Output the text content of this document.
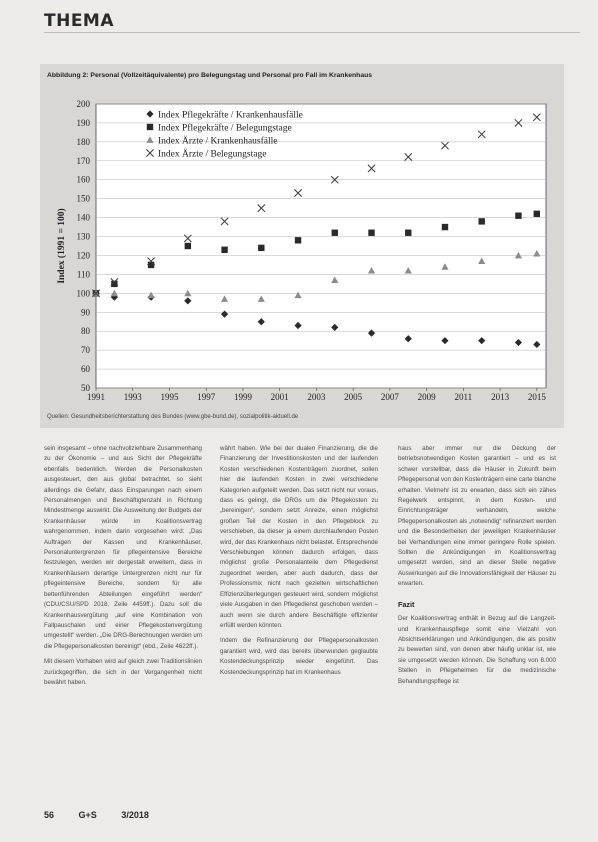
THEMA
Abbildung 2: Personal (Vollzeitäquivalente) pro Belegungstag und Personal pro Fall im Krankenhaus
50
60
70
80
90
100
110
120
130
140
150
160
170
180
190
200
1991 1993 1995 1997 1999 2001 2003 2005 2007 2009 2011 2013 2015
Index (1991 = 100)
Index Pflegekräfte / Krankenhausfälle
Index Pflegekräfte / Belegungstage
Index Ärzte / Krankenhausfälle
Index Ärzte / Belegungstage
Quellen: Gesundheitsberichterstattung des Bundes (www.gbe-bund.de), sozialpolitik-aktuell.de

sein insgesamt – ohne nachvollziehbare Zusammenhang zu der Ökonomie – und aus Sicht der Pflegekräfte ebenfalls bedenklich. Werden die Personalkosten ausgesteuert, den aus global betrachtet, so sieht allerdings die Gefahr, dass Einsparungen nach einem Personalmengen und Beschäftigtenzahl in Richtung Mindestmenge auswirkt. Die Ausweitung der Budgets der Krankenhäuser würde im Koalitionsvertrag wahrgenommen, indem darin vorgesehen wird: „Das Auftragen der Kassen und Krankenhäuser, Personaluntergrenzen für pflegeintensive Bereiche festzulegen, werden wir dergestalt erweitern, dass in Krankenhäusern derartige Untergrenzen nicht nur für pflegeintensive Bereiche, sondern für alle bettenführenden Abteilungen eingeführt werden“ (CDU/CSU/SPD 2018, Zeile 4459ff.). Dazu soll die Krankenhausvergütung „auf eine Kombination von Fallpauschalen und einer Pflegekostenvergütung umgestellt“ werden. „Die DRG-Berechnungen werden um die Pflegepersonalkosten bereinigt“ (ebd., Zeile 4622ff.).

Mit diesem Vorhaben wird auf gleich zwei Traditionslinien zurückgegriffen, die sich in der Vergangenheit nicht bewährt haben.

währt haben. Wie bei der dualen Finanzierung, die die Finanzierung der Investitionskosten und der laufenden Kosten verschiedenen Kostenträgern zuordnet, sollen hier die laufenden Kosten in zwei verschiedene Kategorien aufgeteilt werden. Das setzt nicht nur voraus, dass es gelingt, die DRGs um die Pflegekosten zu „bereinigen“, sondern setzt Anreize, einen möglichst großen Teil der Kosten in den Pflegeblock zu verschieben, da dieser ja einem durchlaufenden Posten wird, der das Krankenhaus nicht belastet. Entsprechende Verschiebungen können dadurch erfolgen, dass möglichst große Personalanteile dem Pflegedienst zugeordnet werden, aber auch dadurch, dass der Professionsmix nicht nach gezielten wirtschaftlichen Effizienzüberlegungen gesteuert wird, sondern möglichst viele Ausgaben in den Pflegedienst geschoben werden – auch wenn sie durch andere Beschäftigte effizienter erfüllt werden könnten.

Indem die Refinanzierung der Pflegepersonalkosten garantiert wird, wird das bereits überwunden geglaubte Kostendeckungsprinzip wieder eingeführt. Das Kostendeckungsprinzip hat im Krankenhaus

haus aber immer nur die Deckung der betriebsnotwendigen Kosten garantiert – und es ist schwer vorstellbar, dass die Häuser in Zukunft beim Pflegepersonal von den Kostenträgern eine carte blanche erhalten. Vielmehr ist zu erwarten, dass sich ein zähes Regelwerk entspinnt, in dem Kosten- und Einrichtungsträger verhandeln, welche Pflegepersonalkosten als „notwendig“ refinanziert werden und die Besonderheiten der jeweiligen Krankenhäuser bei Verhandlungen eine immer geringere Rolle spielen. Sollten die Ankündigungen im Koalitionsvertrag umgesetzt werden, sind an dieser Stelle negative Auswirkungen auf die Innovationsfähigkeit der Häuser zu erwarten.

Fazit

Der Koalitionsvertrag enthält in Bezug auf die Langzeit- und Krankenhauspflege somit eine Vielzahl von Absichtserklärungen und Ankündigungen, die als positiv zu bewerten sind, von denen aber häufig unklar ist, wie sie umgesetzt werden können. Die Schaffung von 8.000 Stellen in Pflegeheimen für die medizinische Behandlungspflege ist

56	G+S	3/2018
